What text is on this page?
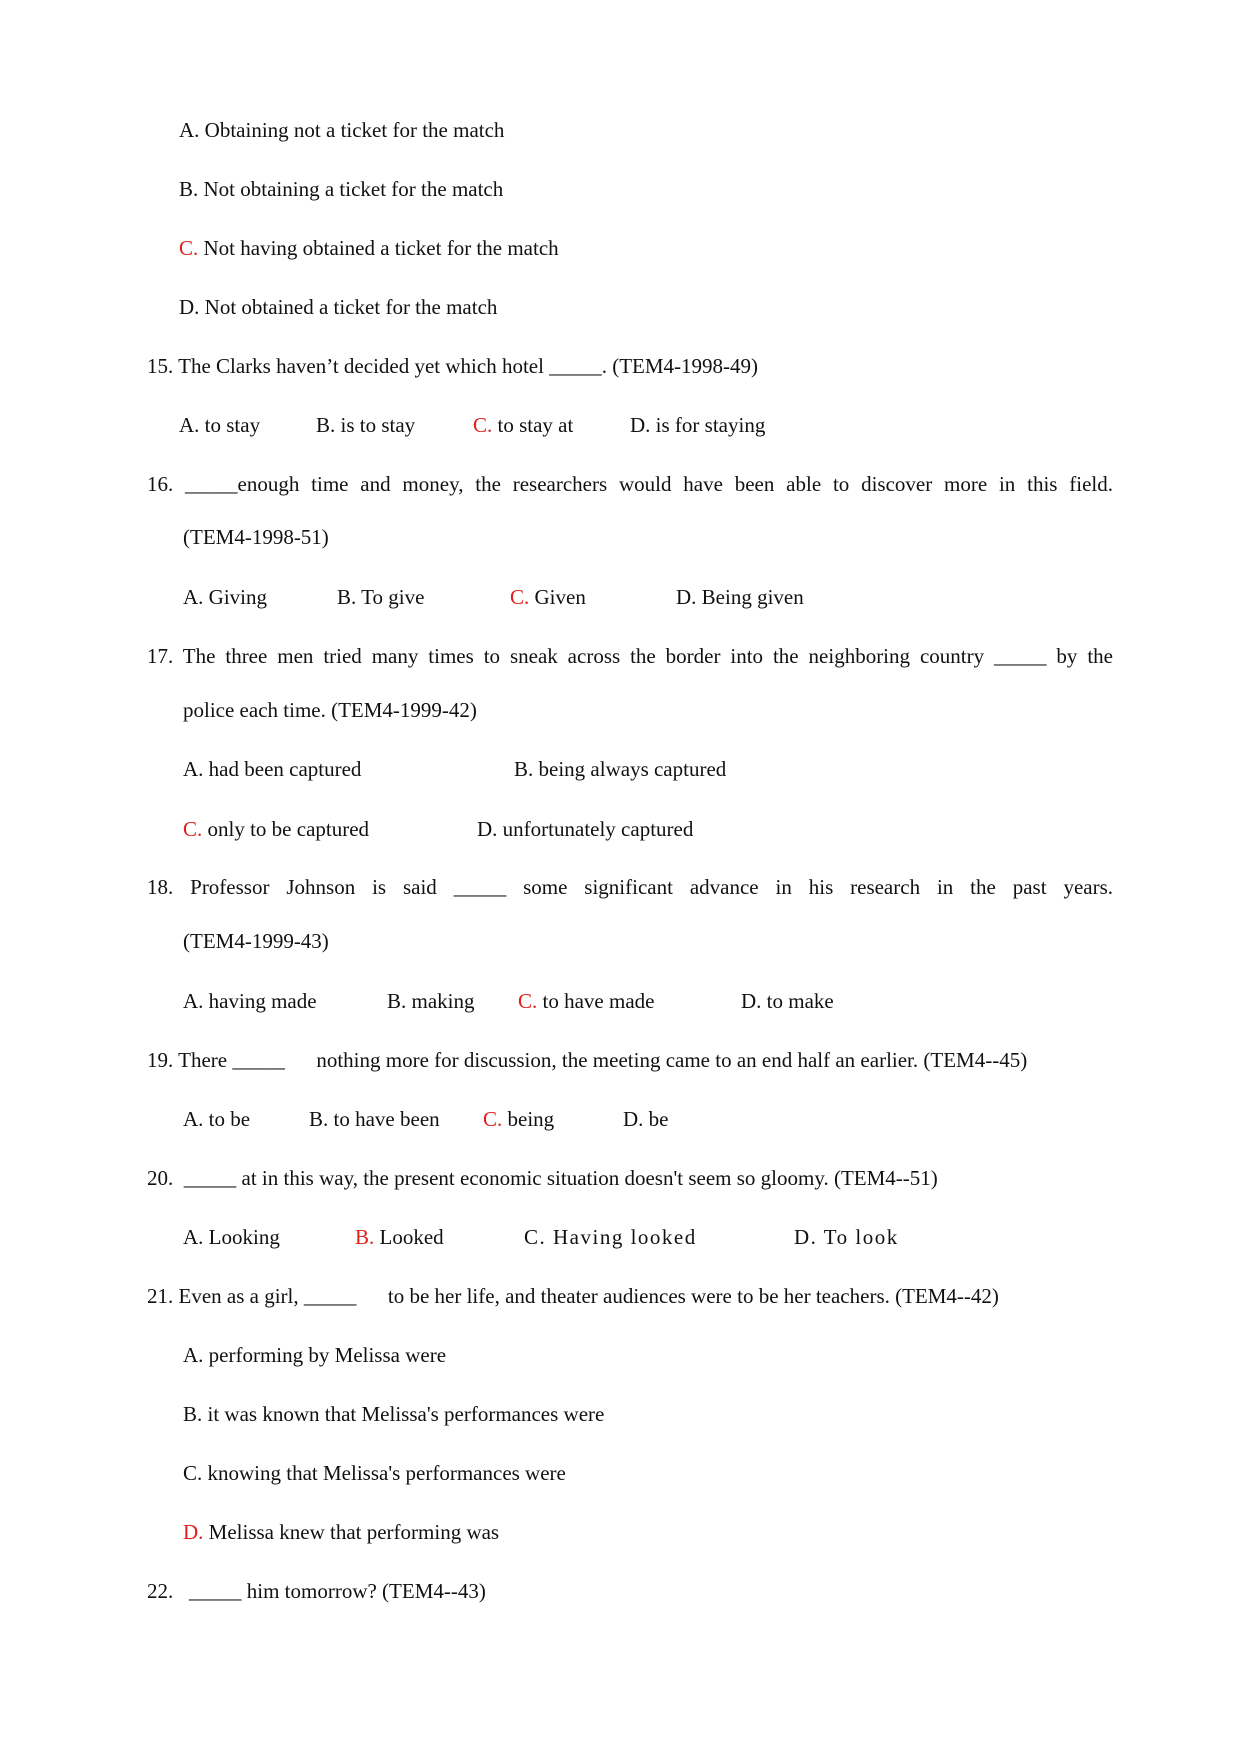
A. Obtaining not a ticket for the match
B. Not obtaining a ticket for the match
C. Not having obtained a ticket for the match
D. Not obtained a ticket for the match
15. The Clarks haven’t decided yet which hotel _____. (TEM4-1998-49)
A. to stay	B. is to stay	C. to stay at	D. is for staying
16. _____enough time and money, the researchers would have been able to discover more in this field.
(TEM4-1998-51)
A. Giving	B. To give	C. Given	D. Being given
17. The three men tried many times to sneak across the border into the neighboring country _____ by the
police each time. (TEM4-1999-42)
A. had been captured	B. being always captured
C. only to be captured	D. unfortunately captured
18. Professor Johnson is said _____ some significant advance in his research in the past years.
(TEM4-1999-43)
A. having made	B. making C. to have made	D. to make
19. There _____      nothing more for discussion, the meeting came to an end half an earlier. (TEM4--45)
A. to be	B. to have been C. being	D. be
20.  _____ at in this way, the present economic situation doesn't seem so gloomy. (TEM4--51)
A. Looking	B. Looked	C. Having looked	D. To look
21. Even as a girl, _____      to be her life, and theater audiences were to be her teachers. (TEM4--42)
A. performing by Melissa were
B. it was known that Melissa's performances were
C. knowing that Melissa's performances were
D. Melissa knew that performing was
22.   _____ him tomorrow? (TEM4--43)
